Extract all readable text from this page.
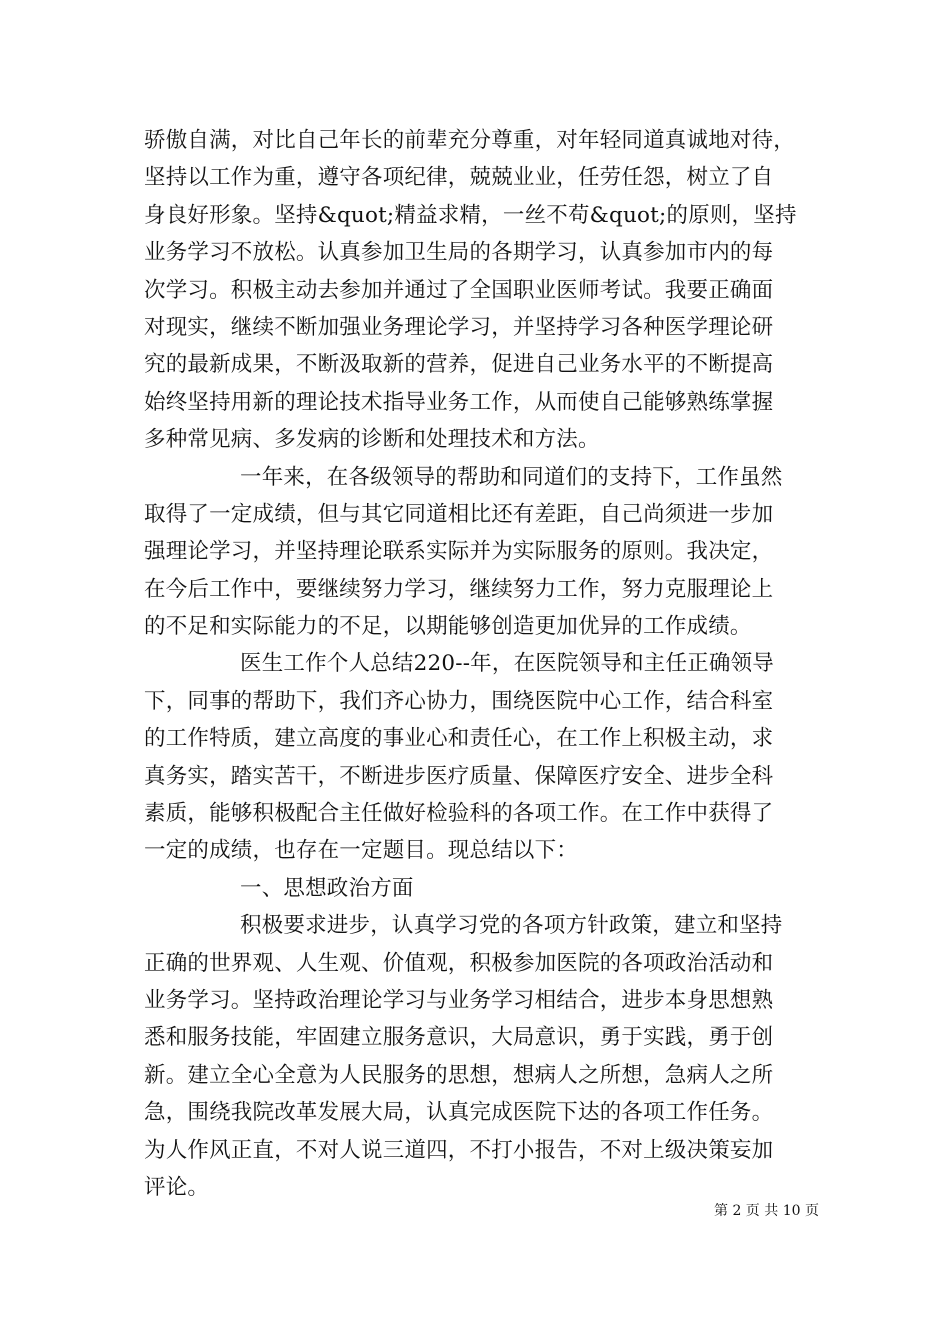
骄傲自满，对比自己年长的前辈充分尊重，对年轻同道真诚地对待，
坚持以工作为重，遵守各项纪律，兢兢业业，任劳任怨，树立了自
身良好形象。坚持&quot;精益求精，一丝不苟&quot;的原则，坚持
业务学习不放松。认真参加卫生局的各期学习，认真参加市内的每
次学习。积极主动去参加并通过了全国职业医师考试。我要正确面
对现实，继续不断加强业务理论学习，并坚持学习各种医学理论研
究的最新成果，不断汲取新的营养，促进自己业务水平的不断提高
始终坚持用新的理论技术指导业务工作，从而使自己能够熟练掌握
多种常见病、多发病的诊断和处理技术和方法。
一年来，在各级领导的帮助和同道们的支持下，工作虽然
取得了一定成绩，但与其它同道相比还有差距，自己尚须进一步加
强理论学习，并坚持理论联系实际并为实际服务的原则。我决定，
在今后工作中，要继续努力学习，继续努力工作，努力克服理论上
的不足和实际能力的不足，以期能够创造更加优异的工作成绩。
医生工作个人总结220--年，在医院领导和主任正确领导
下，同事的帮助下，我们齐心协力，围绕医院中心工作，结合科室
的工作特质，建立高度的事业心和责任心，在工作上积极主动，求
真务实，踏实苦干，不断进步医疗质量、保障医疗安全、进步全科
素质，能够积极配合主任做好检验科的各项工作。在工作中获得了
一定的成绩，也存在一定题目。现总结以下：
一、思想政治方面
积极要求进步，认真学习党的各项方针政策，建立和坚持
正确的世界观、人生观、价值观，积极参加医院的各项政治活动和
业务学习。坚持政治理论学习与业务学习相结合，进步本身思想熟
悉和服务技能，牢固建立服务意识，大局意识，勇于实践，勇于创
新。建立全心全意为人民服务的思想，想病人之所想，急病人之所
急，围绕我院改革发展大局，认真完成医院下达的各项工作任务。
为人作风正直，不对人说三道四，不打小报告，不对上级决策妄加
评论。
第 2 页 共 10 页
